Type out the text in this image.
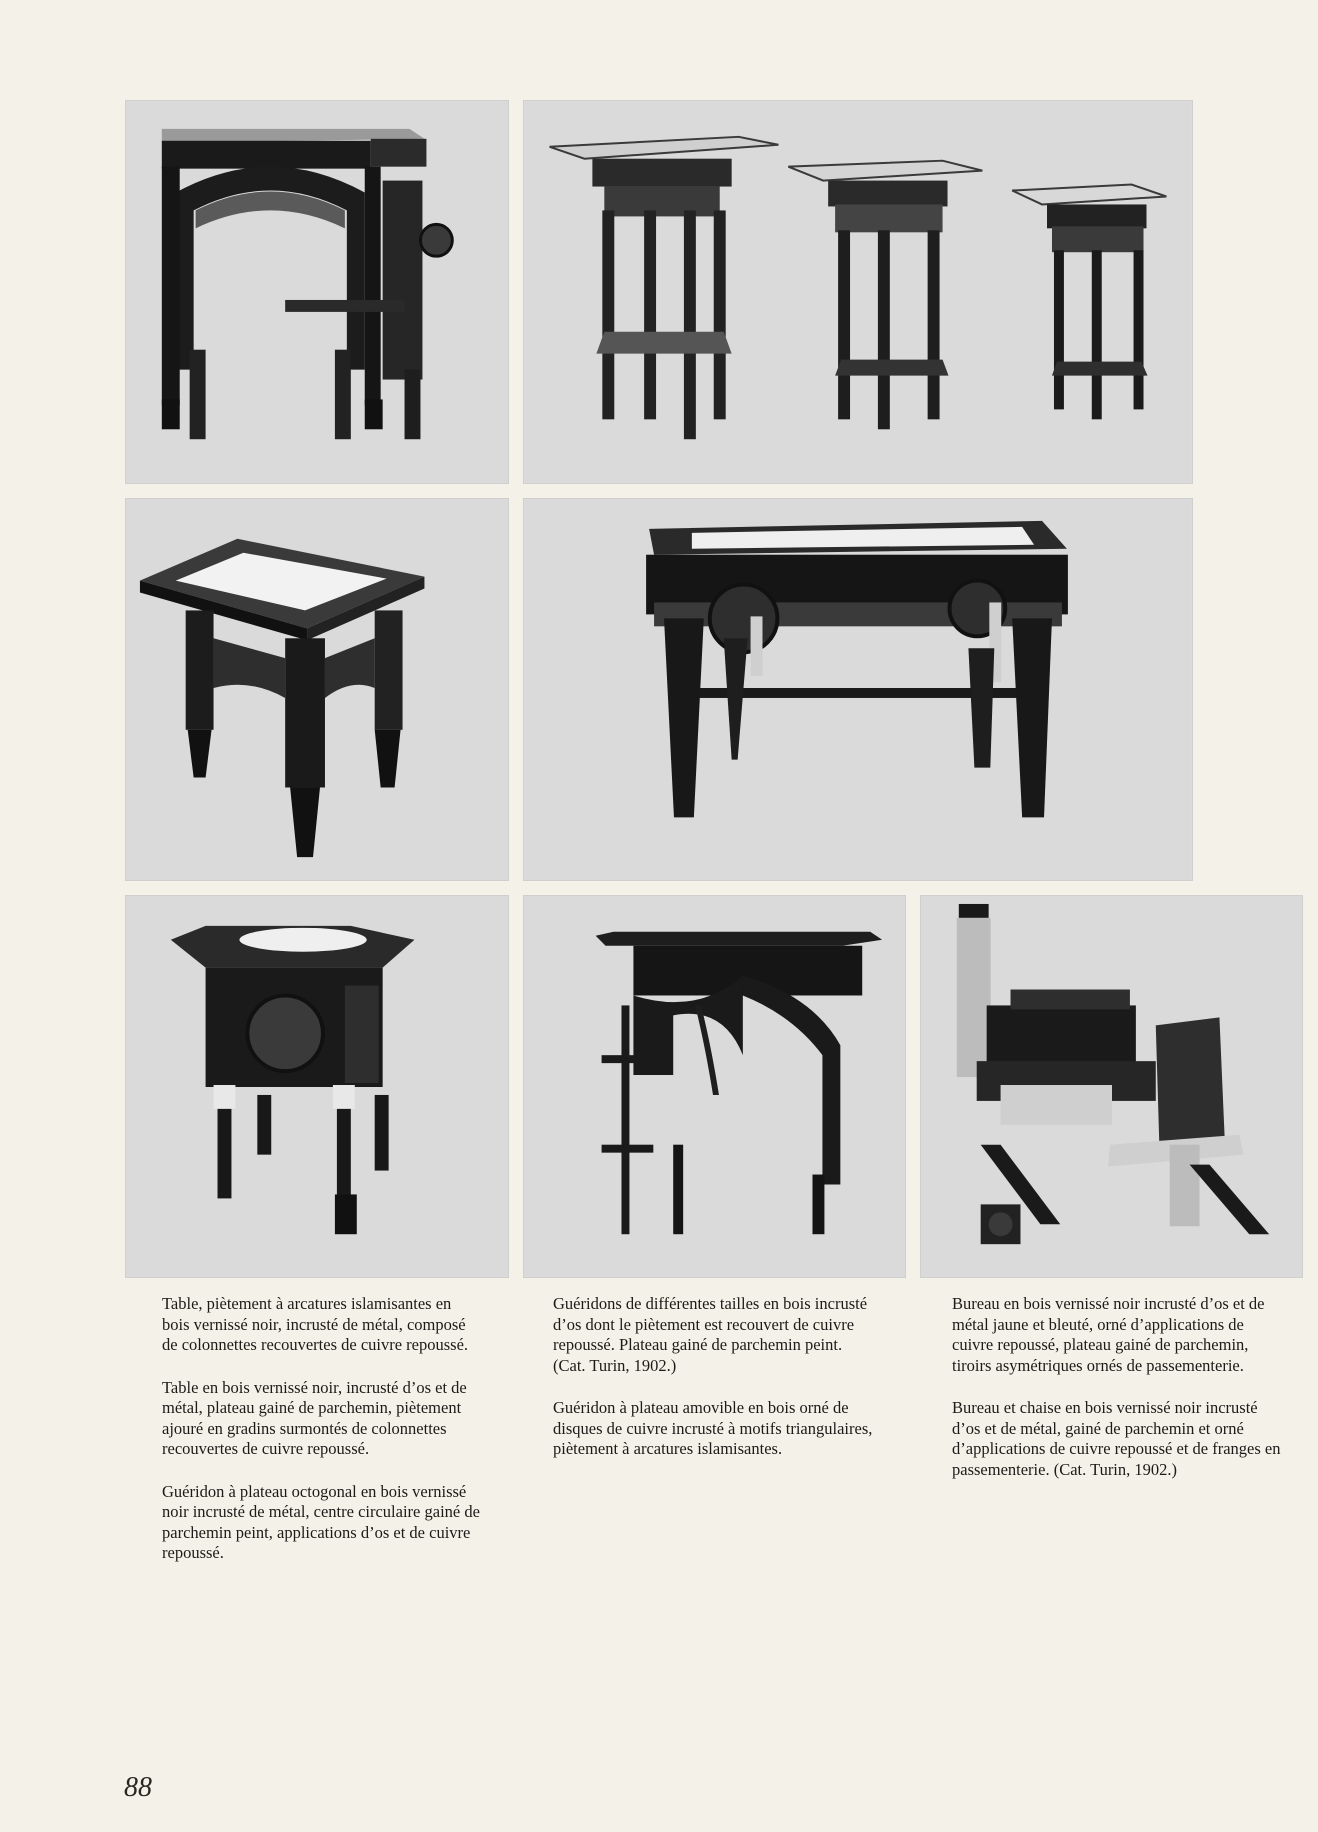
Table, piètement à arcatures islamisantes en bois vernissé noir, incrusté de métal, composé de colonnettes recouvertes de cuivre repoussé.

Table en bois vernissé noir, incrusté d’os et de métal, plateau gainé de parchemin, piètement ajouré en gradins surmontés de colonnettes recouvertes de cuivre repoussé.

Guéridon à plateau octogonal en bois vernissé noir incrusté de métal, centre circulaire gainé de parchemin peint, applications d’os et de cuivre repoussé.

Guéridons de différentes tailles en bois incrusté d’os dont le piètement est recouvert de cuivre repoussé. Plateau gainé de parchemin peint. (Cat. Turin, 1902.)

Guéridon à plateau amovible en bois orné de disques de cuivre incrusté à motifs triangulaires, piètement à arcatures islamisantes.

Bureau en bois vernissé noir incrusté d’os et de métal jaune et bleuté, orné d’applications de cuivre repoussé, plateau gainé de parchemin, tiroirs asymétriques ornés de passementerie.

Bureau et chaise en bois vernissé noir incrusté d’os et de métal, gainé de parchemin et orné d’applications de cuivre repoussé et de franges en passementerie. (Cat. Turin, 1902.)

88
